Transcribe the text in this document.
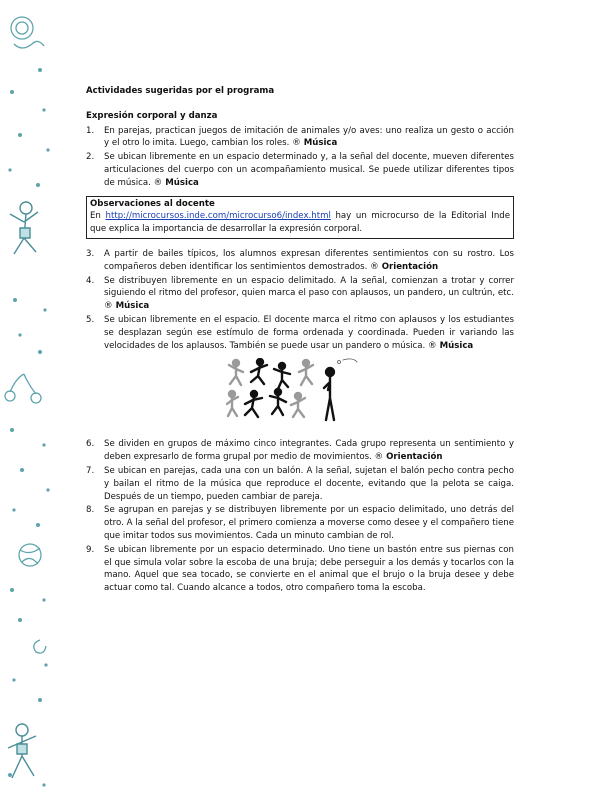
Actividades sugeridas por el programa
Expresión corporal y danza
1. En parejas, practican juegos de imitación de animales y/o aves: uno realiza un gesto o acción y el otro lo imita. Luego, cambian los roles. ® Música
2. Se ubican libremente en un espacio determinado y, a la señal del docente, mueven diferentes articulaciones del cuerpo con un acompañamiento musical. Se puede utilizar diferentes tipos de música. ® Música
Observaciones al docente
En http://microcursos.inde.com/microcurso6/index.html hay un microcurso de la Editorial Inde que explica la importancia de desarrollar la expresión corporal.
3. A partir de bailes típicos, los alumnos expresan diferentes sentimientos con su rostro. Los compañeros deben identificar los sentimientos demostrados. ® Orientación
4. Se distribuyen libremente en un espacio delimitado. A la señal, comienzan a trotar y correr siguiendo el ritmo del profesor, quien marca el paso con aplausos, un pandero, un cultrún, etc. ® Música
5. Se ubican libremente en el espacio. El docente marca el ritmo con aplausos y los estudiantes se desplazan según ese estímulo de forma ordenada y coordinada. Pueden ir variando las velocidades de los aplausos. También se puede usar un pandero o música. ® Música
6. Se dividen en grupos de máximo cinco integrantes. Cada grupo representa un sentimiento y deben expresarlo de forma grupal por medio de movimientos. ® Orientación
7. Se ubican en parejas, cada una con un balón. A la señal, sujetan el balón pecho contra pecho y bailan el ritmo de la música que reproduce el docente, evitando que la pelota se caiga. Después de un tiempo, pueden cambiar de pareja.
8. Se agrupan en parejas y se distribuyen libremente por un espacio delimitado, uno detrás del otro. A la señal del profesor, el primero comienza a moverse como desee y el compañero tiene que imitar todos sus movimientos. Cada un minuto cambian de rol.
9. Se ubican libremente por un espacio determinado. Uno tiene un bastón entre sus piernas con el que simula volar sobre la escoba de una bruja; debe perseguir a los demás y tocarlos con la mano. Aquel que sea tocado, se convierte en el animal que el brujo o la bruja desee y debe actuar como tal. Cuando alcance a todos, otro compañero toma la escoba.
